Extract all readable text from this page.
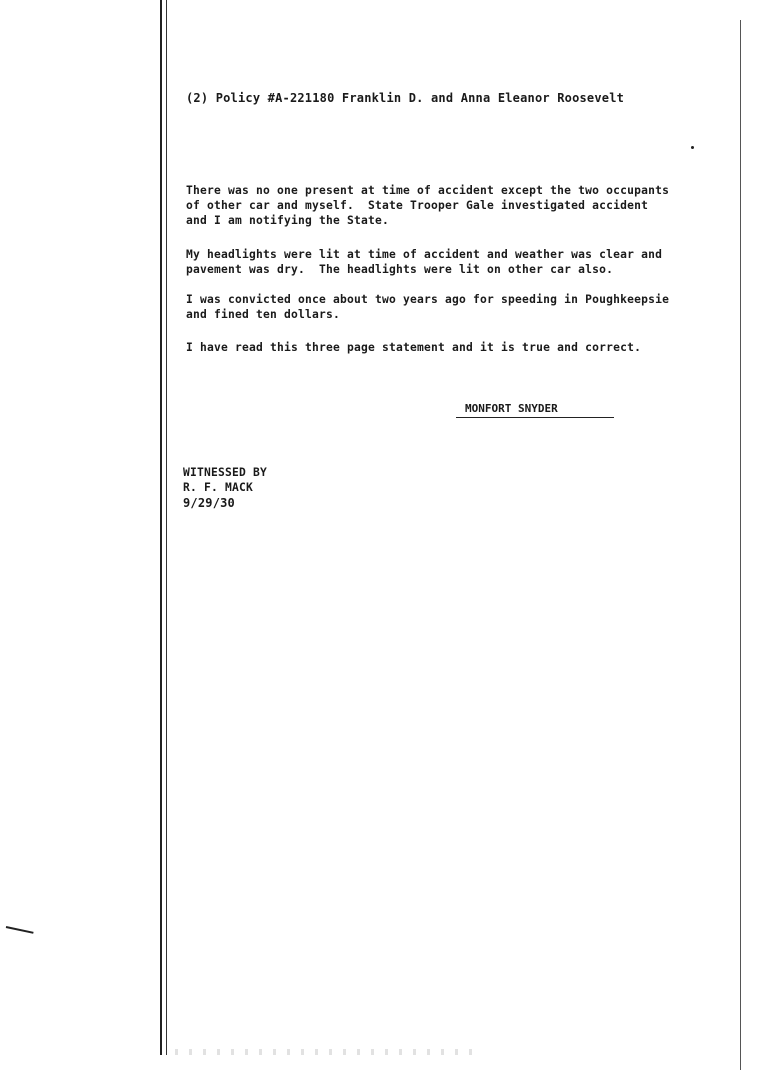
(2) Policy #A-221180 Franklin D. and Anna Eleanor Roosevelt
There was no one present at time of accident except the two occupants
of other car and myself.  State Trooper Gale investigated accident
and I am notifying the State.
My headlights were lit at time of accident and weather was clear and
pavement was dry.  The headlights were lit on other car also.
I was convicted once about two years ago for speeding in Poughkeepsie
and fined ten dollars.
I have read this three page statement and it is true and correct.
MONFORT SNYDER
WITNESSED BY
R. F. MACK
9/29/30
